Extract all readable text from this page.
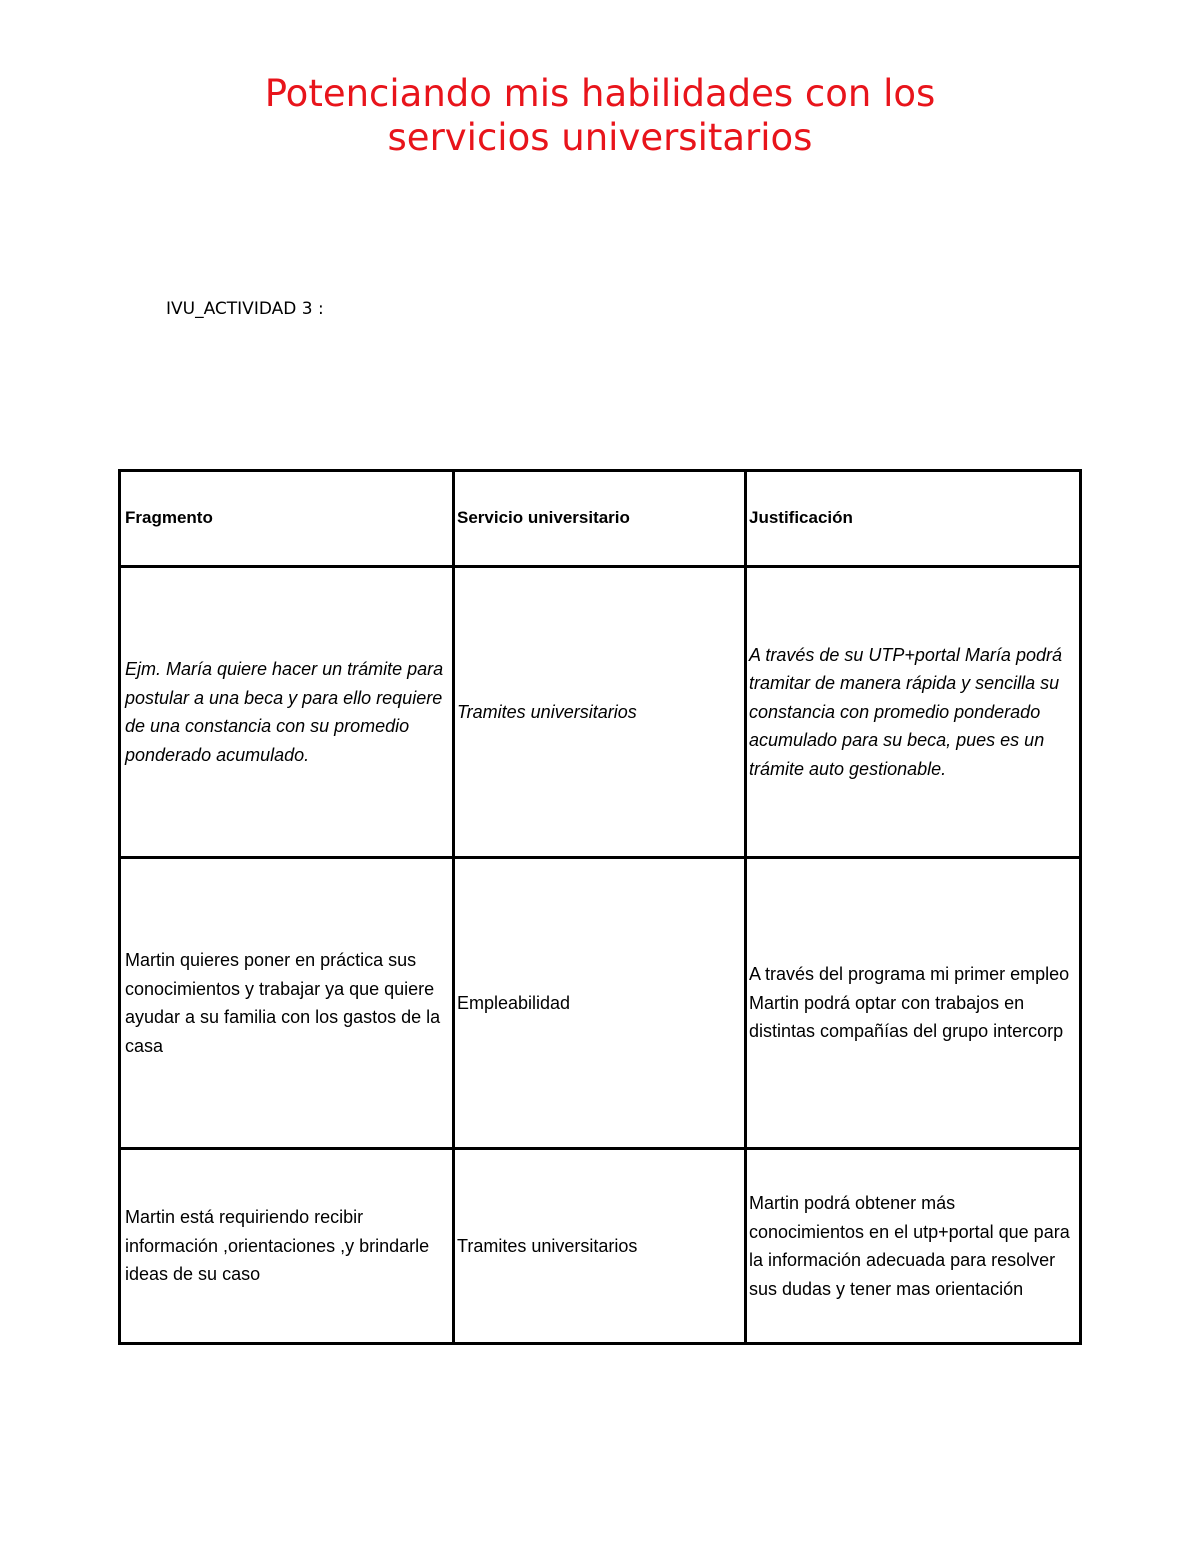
Potenciando mis habilidades con los
servicios universitarios
IVU_ACTIVIDAD 3 :
Fragmento	Servicio universitario	Justificación
Ejm. María quiere hacer un trámite para postular a una beca y para ello requiere de una constancia con su promedio ponderado acumulado.	Tramites universitarios	A través de su UTP+portal María podrá tramitar de manera rápida y sencilla su constancia con promedio ponderado acumulado para su beca, pues es un trámite auto gestionable.
Martin quieres poner en práctica sus conocimientos y trabajar ya que quiere ayudar a su familia con los gastos de la casa	Empleabilidad	A través del programa mi primer empleo Martin podrá optar con trabajos en distintas compañías del grupo intercorp
Martin está requiriendo recibir información ,orientaciones ,y brindarle ideas de su caso	Tramites universitarios	Martin podrá obtener más conocimientos en el utp+portal que para la información adecuada para resolver sus dudas y tener mas orientación
